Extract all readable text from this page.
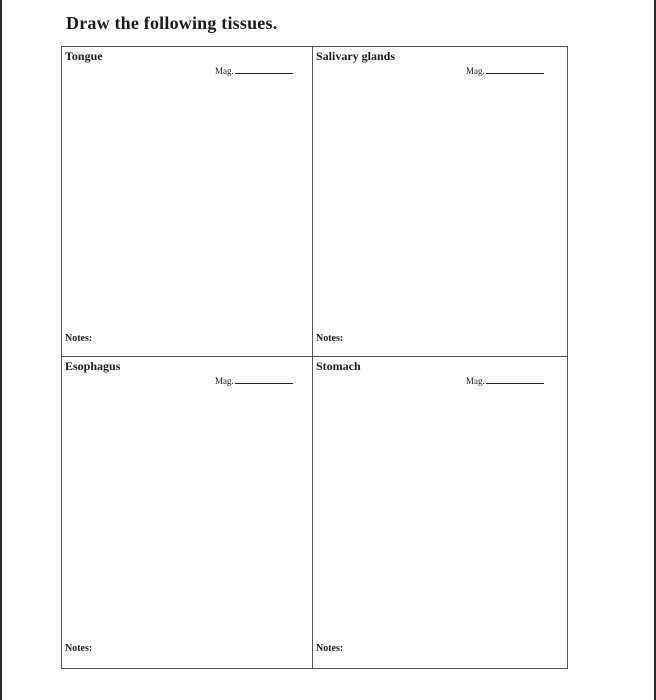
Draw the following tissues.
Tongue
Mag.
Notes:
Salivary glands
Mag.
Notes:
Esophagus
Mag.
Notes:
Stomach
Mag.
Notes:
